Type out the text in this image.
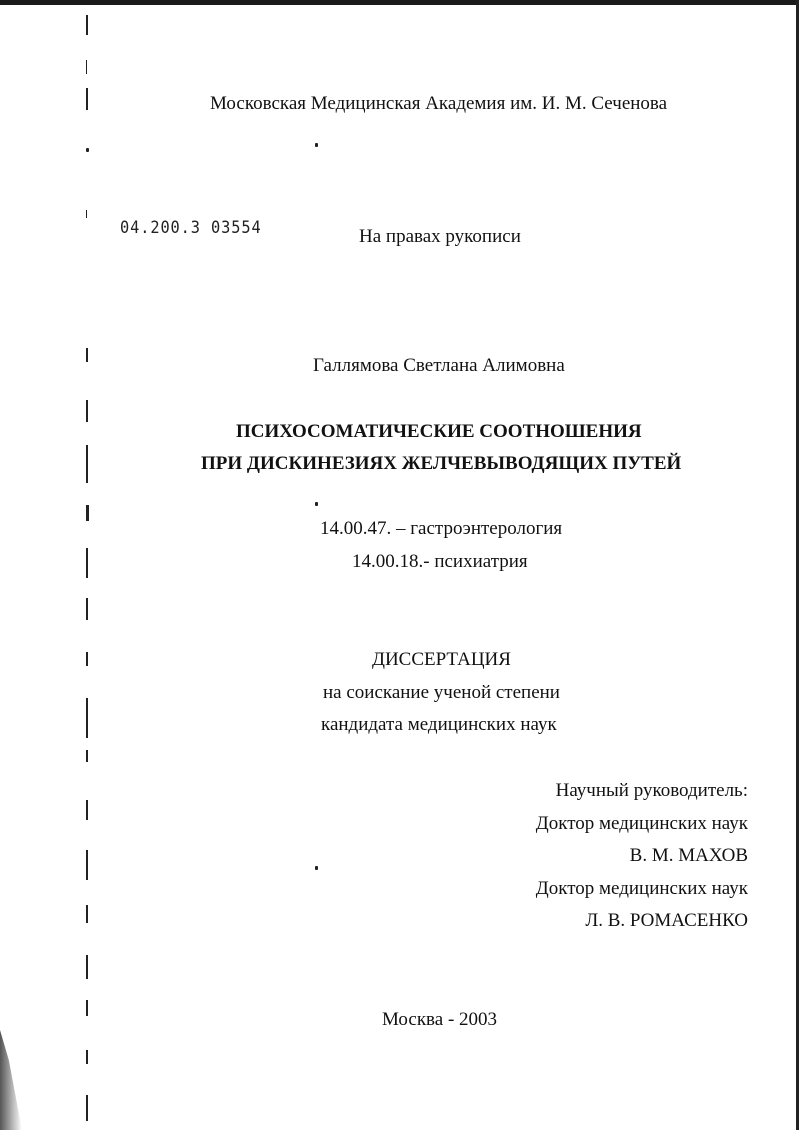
Московская Медицинская Академия им. И. М. Сеченова
04.200.3 03554	На правах рукописи
Галлямова Светлана Алимовна
ПСИХОСОМАТИЧЕСКИЕ СООТНОШЕНИЯ
ПРИ ДИСКИНЕЗИЯХ ЖЕЛЧЕВЫВОДЯЩИХ ПУТЕЙ
14.00.47. – гастроэнтерология
14.00.18.- психиатрия
ДИССЕРТАЦИЯ
на соискание ученой степени
кандидата медицинских наук
Научный руководитель:
Доктор медицинских наук
В. М. МАХОВ
Доктор медицинских наук
Л. В. РОМАСЕНКО
Москва - 2003
